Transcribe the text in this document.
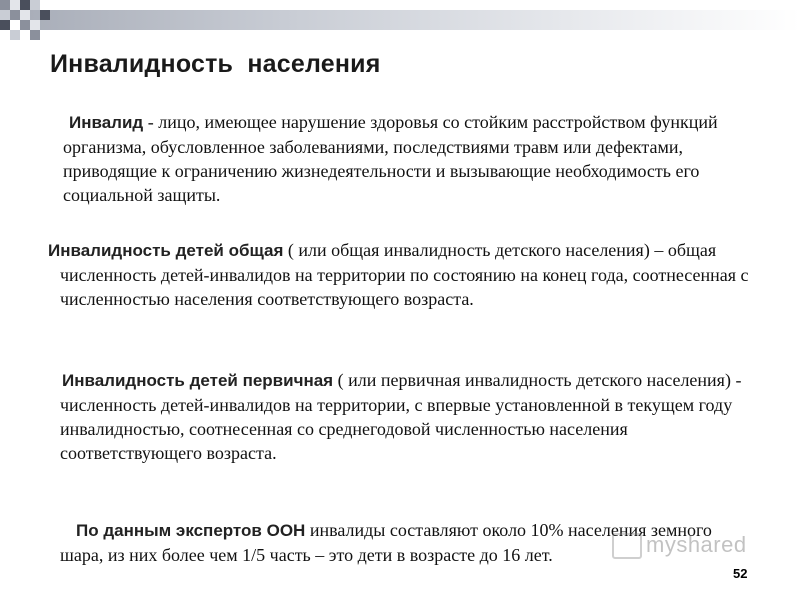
Инвалидность  населения

Инвалид - лицо, имеющее нарушение здоровья со стойким расстройством функций организма, обусловленное заболеваниями, последствиями травм или дефектами, приводящие к ограничению жизнедеятельности и вызывающие необходимость его социальной защиты.

Инвалидность детей общая ( или общая инвалидность детского населения) – общая численность детей-инвалидов на территории по состоянию на конец года, соотнесенная с численностью населения соответствующего возраста.

Инвалидность детей первичная ( или первичная инвалидность детского населения) - численность детей-инвалидов на территории, с впервые установленной в текущем году инвалидностью, соотнесенная со среднегодовой численностью населения соответствующего возраста.

По данным экспертов ООН инвалиды составляют около 10% населения земного шара, из них более чем 1/5 часть – это дети в возрасте до 16 лет.	myshared
52
